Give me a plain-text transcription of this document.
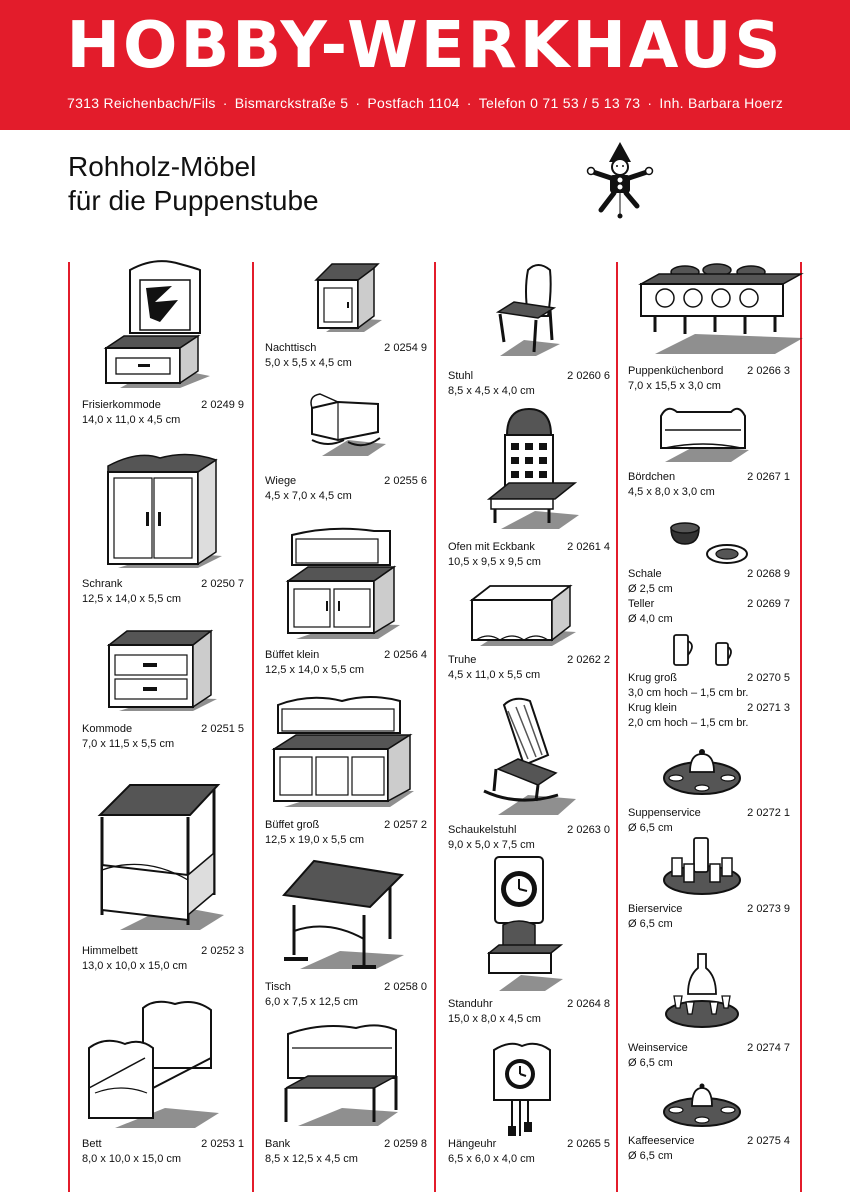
HOBBY-WERKHAUS
7313 Reichenbach/Fils · Bismarckstraße 5 · Postfach 1104 · Telefon 0 71 53 / 5 13 73 · Inh. Barbara Hoerz
Rohholz-Möbel
für die Puppenstube
Frisierkommode	2 0249 9
14,0 x 11,0 x 4,5 cm
Schrank	2 0250 7
12,5 x 14,0 x 5,5 cm
Kommode	2 0251 5
7,0 x 11,5 x 5,5 cm
Himmelbett	2 0252 3
13,0 x 10,0 x 15,0 cm
Bett	2 0253 1
8,0 x 10,0 x 15,0 cm
Nachttisch	2 0254 9
5,0 x 5,5 x 4,5 cm
Wiege	2 0255 6
4,5 x 7,0 x 4,5 cm
Büffet klein	2 0256 4
12,5 x 14,0 x 5,5 cm
Büffet groß	2 0257 2
12,5 x 19,0 x 5,5 cm
Tisch	2 0258 0
6,0 x 7,5 x 12,5 cm
Bank	2 0259 8
8,5 x 12,5 x 4,5 cm
Stuhl	2 0260 6
8,5 x 4,5 x 4,0 cm
Ofen mit Eckbank	2 0261 4
10,5 x 9,5 x 9,5 cm
Truhe	2 0262 2
4,5 x 11,0 x 5,5 cm
Schaukelstuhl	2 0263 0
9,0 x 5,0 x 7,5 cm
Standuhr	2 0264 8
15,0 x 8,0 x 4,5 cm
Hängeuhr	2 0265 5
6,5 x 6,0 x 4,0 cm
Puppenküchenbord 2 0266 3
7,0 x 15,5 x 3,0 cm
Bördchen	2 0267 1
4,5 x 8,0 x 3,0 cm
Schale	2 0268 9
Ø 2,5 cm
Teller	2 0269 7
Ø 4,0 cm
Krug groß	2 0270 5
3,0 cm hoch – 1,5 cm br.
Krug klein	2 0271 3
2,0 cm hoch – 1,5 cm br.
Suppenservice	2 0272 1
Ø 6,5 cm
Bierservice	2 0273 9
Ø 6,5 cm
Weinservice	2 0274 7
Ø 6,5 cm
Kaffeeservice	2 0275 4
Ø 6,5 cm
